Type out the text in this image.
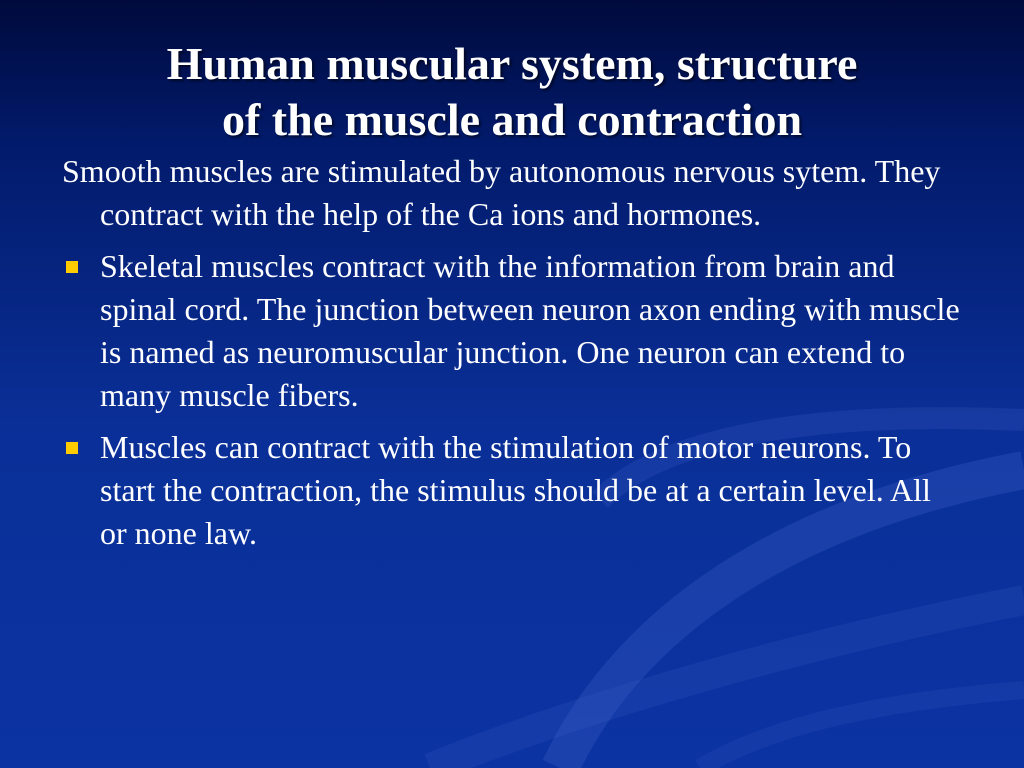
Human muscular system, structure
of the muscle and contraction
Smooth muscles are stimulated by autonomous nervous sytem. They contract with the help of the Ca ions and hormones.
Skeletal muscles contract with the information from brain and spinal cord. The junction between neuron axon ending with muscle is named as neuromuscular junction. One neuron can extend to many muscle fibers.
Muscles can contract with the stimulation of motor neurons. To start the contraction, the stimulus should be at a certain level. All or none law.
